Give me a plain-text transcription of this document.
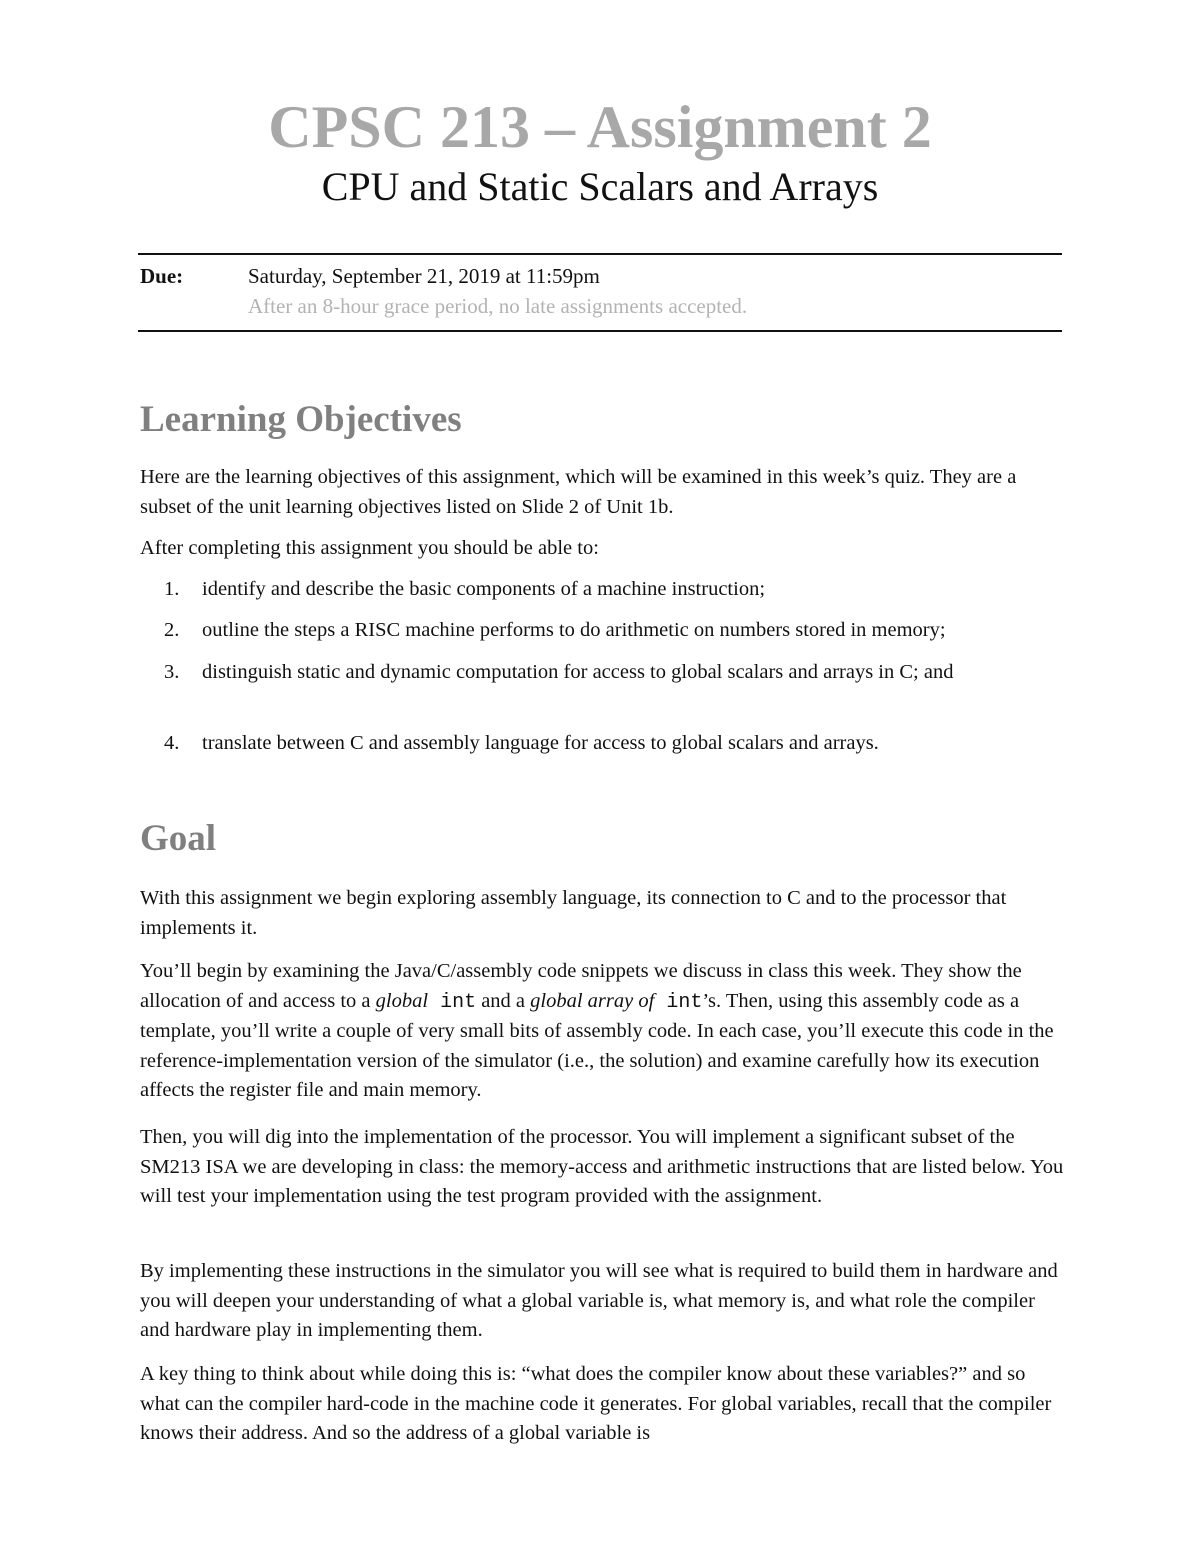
CPSC 213 – Assignment 2
CPU and Static Scalars and Arrays
Due:	Saturday, September 21, 2019 at 11:59pm
After an 8-hour grace period, no late assignments accepted.
Learning Objectives

Here are the learning objectives of this assignment, which will be examined in this week’s quiz. They are a subset of the unit learning objectives listed on Slide 2 of Unit 1b.

After completing this assignment you should be able to:

1. identify and describe the basic components of a machine instruction;
2. outline the steps a RISC machine performs to do arithmetic on numbers stored in memory;
3. distinguish static and dynamic computation for access to global scalars and arrays in C; and
4. translate between C and assembly language for access to global scalars and arrays.
Goal

With this assignment we begin exploring assembly language, its connection to C and to the processor that implements it.

You’ll begin by examining the Java/C/assembly code snippets we discuss in class this week. They show the allocation of and access to a global int and a global array of int’s. Then, using this assembly code as a template, you’ll write a couple of very small bits of assembly code. In each case, you’ll execute this code in the reference-implementation version of the simulator (i.e., the solution) and examine carefully how its execution affects the register file and main memory.

Then, you will dig into the implementation of the processor. You will implement a significant subset of the SM213 ISA we are developing in class: the memory-access and arithmetic instructions that are listed below. You will test your implementation using the test program provided with the assignment.

By implementing these instructions in the simulator you will see what is required to build them in hardware and you will deepen your understanding of what a global variable is, what memory is, and what role the compiler and hardware play in implementing them.

A key thing to think about while doing this is: “what does the compiler know about these variables?” and so what can the compiler hard-code in the machine code it generates. For global variables, recall that the compiler knows their address. And so the address of a global variable is
